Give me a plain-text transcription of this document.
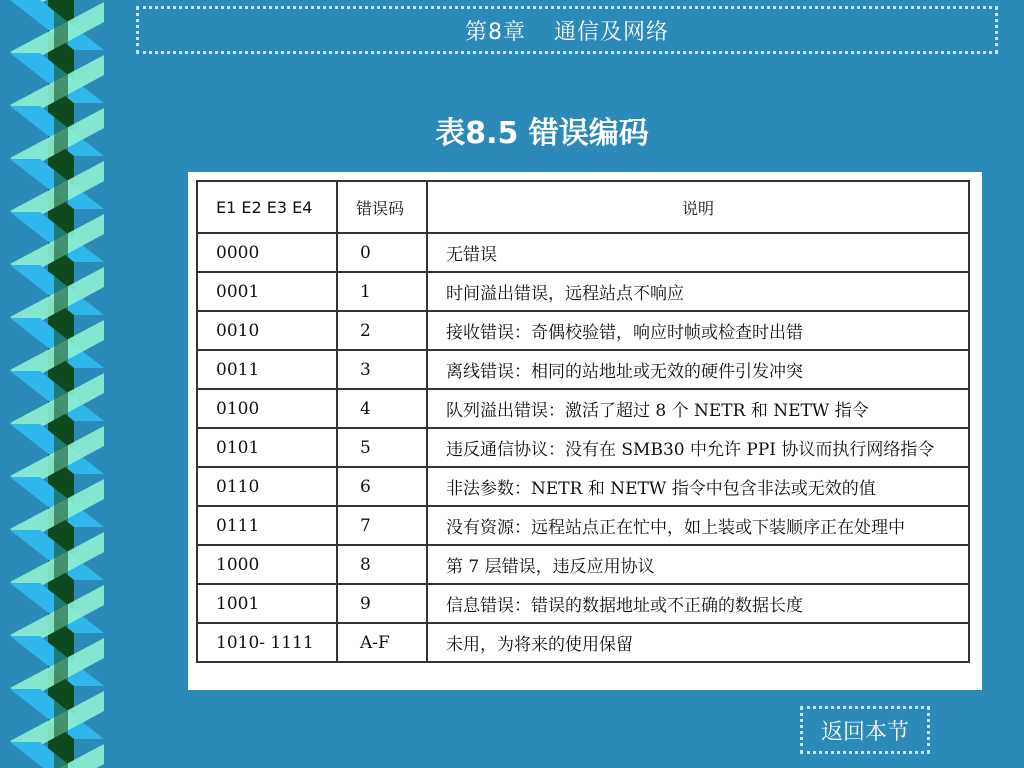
第8章 通信及网络
表8.5 错误编码
E1 E2 E3 E4	错误码	说明
0000	0	无错误
0001	1	时间溢出错误，远程站点不响应
0010	2	接收错误：奇偶校验错，响应时帧或检查时出错
0011	3	离线错误：相同的站地址或无效的硬件引发冲突
0100	4	队列溢出错误：激活了超过 8 个 NETR 和 NETW 指令
0101	5	违反通信协议：没有在 SMB30 中允许 PPI 协议而执行网络指令
0110	6	非法参数：NETR 和 NETW 指令中包含非法或无效的值
0111	7	没有资源：远程站点正在忙中，如上装或下装顺序正在处理中
1000	8	第 7 层错误，违反应用协议
1001	9	信息错误：错误的数据地址或不正确的数据长度
1010- 1111	A-F	未用，为将来的使用保留
返回本节
